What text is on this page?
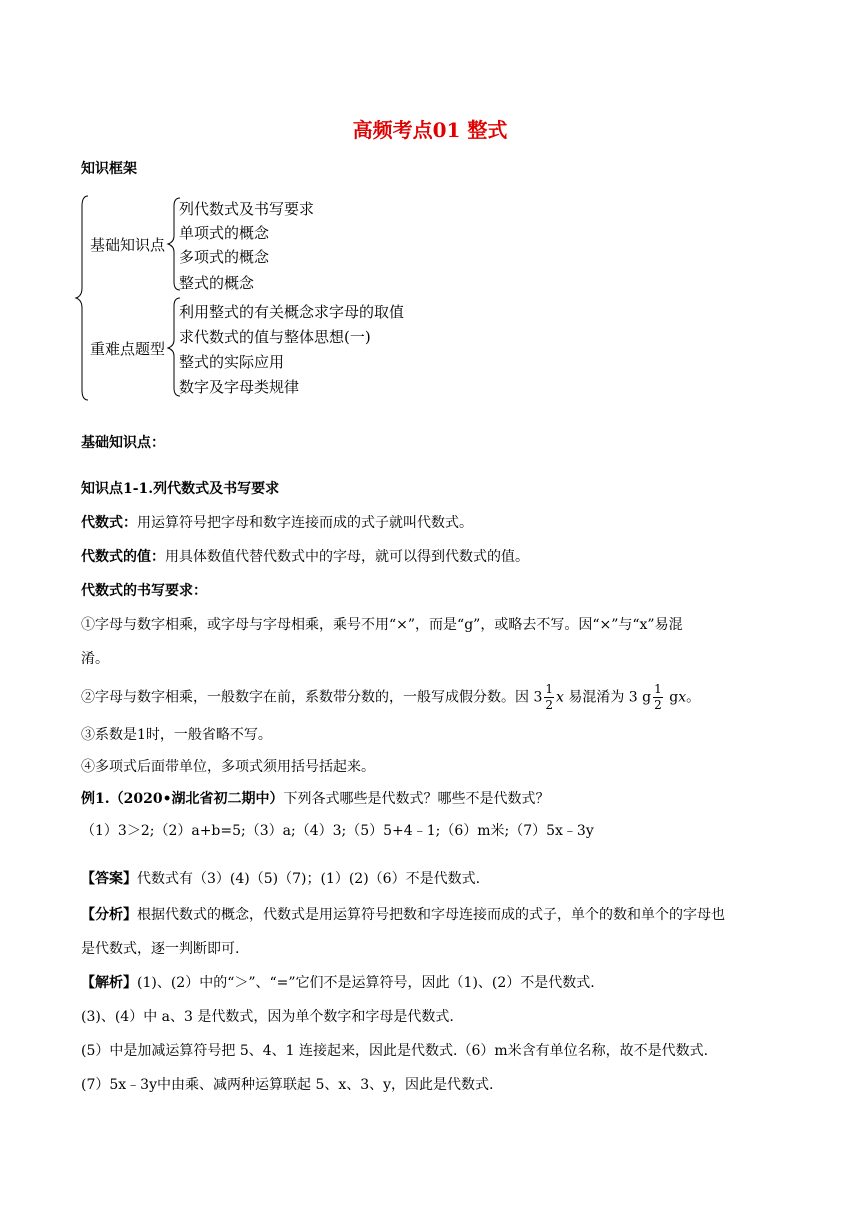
高频考点01 整式
知识框架
基础知识点
列代数式及书写要求
单项式的概念
多项式的概念
整式的概念
重难点题型
利用整式的有关概念求字母的取值
求代数式的值与整体思想(一)
整式的实际应用
数字及字母类规律
基础知识点：
知识点1-1.列代数式及书写要求
代数式：用运算符号把字母和数字连接而成的式子就叫代数式。
代数式的值：用具体数值代替代数式中的字母，就可以得到代数式的值。
代数式的书写要求：
①字母与数字相乘，或字母与字母相乘，乘号不用“×”，而是“g”，或略去不写。因“×”与“x”易混
淆。
②字母与数字相乘，一般数字在前，系数带分数的，一般写成假分数。因 $3 \frac{1}{2}$ x 易混淆为 3 g $\frac{1}{2}$ gx。
③系数是1时，一般省略不写。
④多项式后面带单位，多项式须用括号括起来。
例1.（2020•湖北省初二期中）下列各式哪些是代数式？哪些不是代数式？
（1）3＞2;（2）a+b=5;（3）a;（4）3;（5）5+4﹣1;（6）m米;（7）5x﹣3y
【答案】代数式有（3）(4)（5)（7)；(1）(2)（6）不是代数式.
【分析】根据代数式的概念，代数式是用运算符号把数和字母连接而成的式子，单个的数和单个的字母也
是代数式，逐一判断即可.
【解析】(1)、(2）中的“＞”、“=”它们不是运算符号，因此（1)、(2）不是代数式.
(3)、(4）中 a、3 是代数式，因为单个数字和字母是代数式.
(5）中是加减运算符号把 5、4、1 连接起来，因此是代数式.（6）m米含有单位名称，故不是代数式.
(7）5x﹣3y中由乘、减两种运算联起 5、x、3、y，因此是代数式.
